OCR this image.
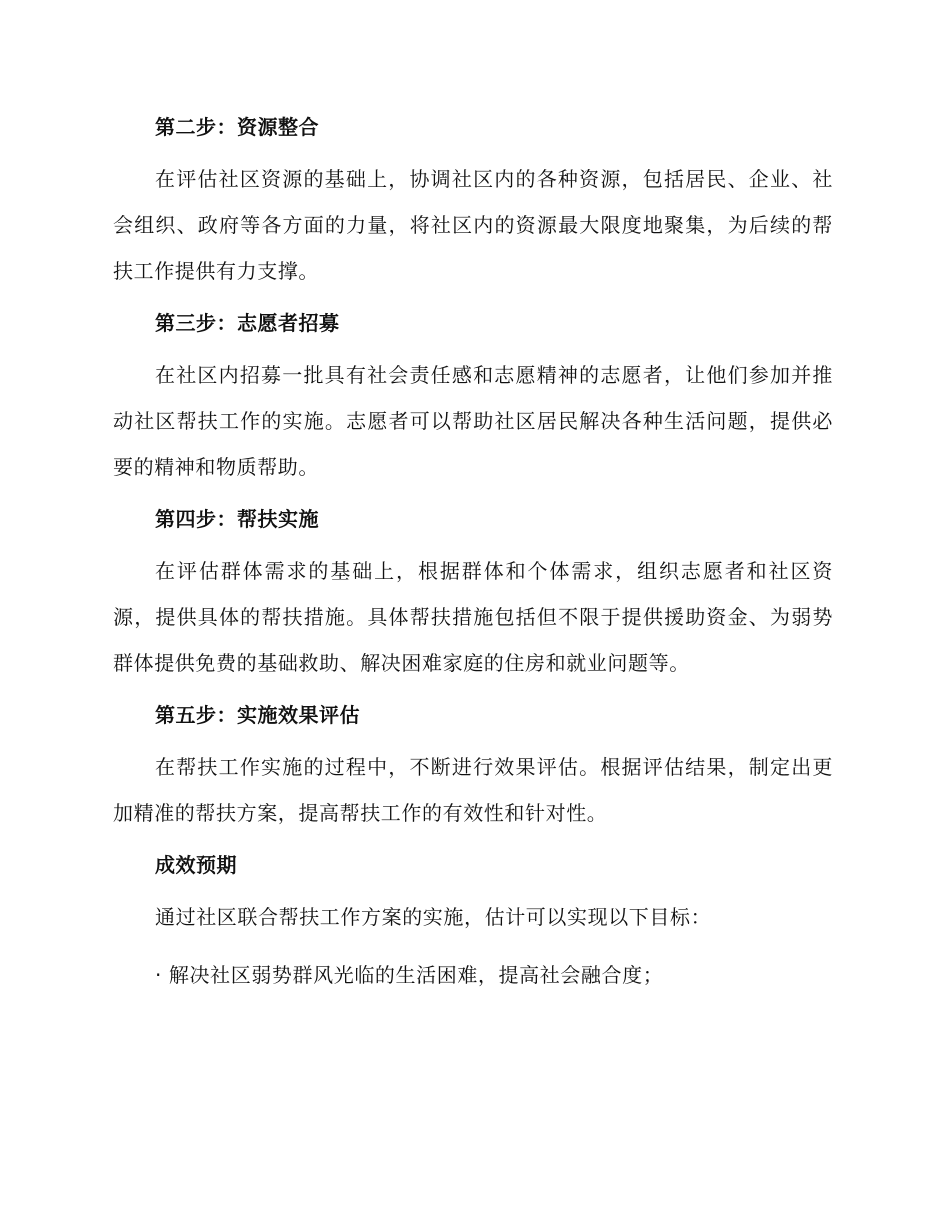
第二步：资源整合

在评估社区资源的基础上，协调社区内的各种资源，包括居民、企业、社会组织、政府等各方面的力量，将社区内的资源最大限度地聚集，为后续的帮扶工作提供有力支撑。

第三步：志愿者招募

在社区内招募一批具有社会责任感和志愿精神的志愿者，让他们参加并推动社区帮扶工作的实施。志愿者可以帮助社区居民解决各种生活问题，提供必要的精神和物质帮助。

第四步：帮扶实施

在评估群体需求的基础上，根据群体和个体需求，组织志愿者和社区资源，提供具体的帮扶措施。具体帮扶措施包括但不限于提供援助资金、为弱势群体提供免费的基础救助、解决困难家庭的住房和就业问题等。

第五步：实施效果评估

在帮扶工作实施的过程中，不断进行效果评估。根据评估结果，制定出更加精准的帮扶方案，提高帮扶工作的有效性和针对性。

成效预期

通过社区联合帮扶工作方案的实施，估计可以实现以下目标：

· 解决社区弱势群风光临的生活困难，提高社会融合度；
